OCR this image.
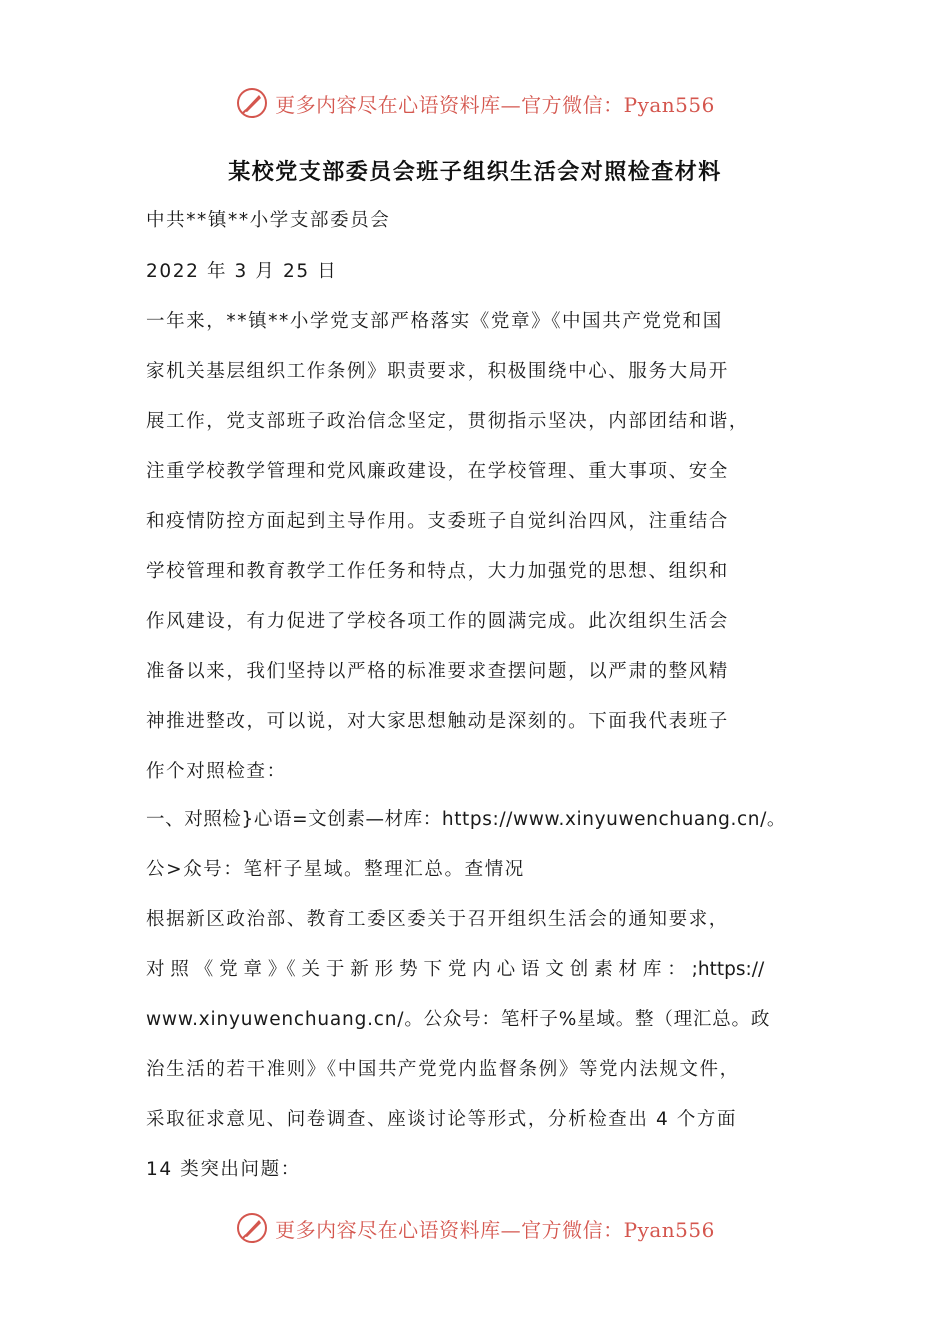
更多内容尽在心语资料库—官方微信：Pyan556
某校党支部委员会班子组织生活会对照检查材料
中共**镇**小学支部委员会
2022 年 3 月 25 日
一年来，**镇**小学党支部严格落实《党章》《中国共产党党和国
家机关基层组织工作条例》职责要求，积极围绕中心、服务大局开
展工作，党支部班子政治信念坚定，贯彻指示坚决，内部团结和谐，
注重学校教学管理和党风廉政建设，在学校管理、重大事项、安全
和疫情防控方面起到主导作用。支委班子自觉纠治四风，注重结合
学校管理和教育教学工作任务和特点，大力加强党的思想、组织和
作风建设，有力促进了学校各项工作的圆满完成。此次组织生活会
准备以来，我们坚持以严格的标准要求查摆问题，以严肃的整风精
神推进整改，可以说，对大家思想触动是深刻的。下面我代表班子
作个对照检查：
一、对照检}心语=文创素—材库：https://www.xinyuwenchuang.cn/。
公>众号：笔杆子星域。整理汇总。查情况
根据新区政治部、教育工委区委关于召开组织生活会的通知要求，
对 照 《 党 章 》《 关 于 新 形 势 下 党 内 心 语 文 创 素 材 库 ： ;https://
www.xinyuwenchuang.cn/。公众号：笔杆子%星域。整（理汇总。政
治生活的若干准则》《中国共产党党内监督条例》等党内法规文件，
采取征求意见、问卷调查、座谈讨论等形式，分析检查出 4 个方面
14 类突出问题：
更多内容尽在心语资料库—官方微信：Pyan556
